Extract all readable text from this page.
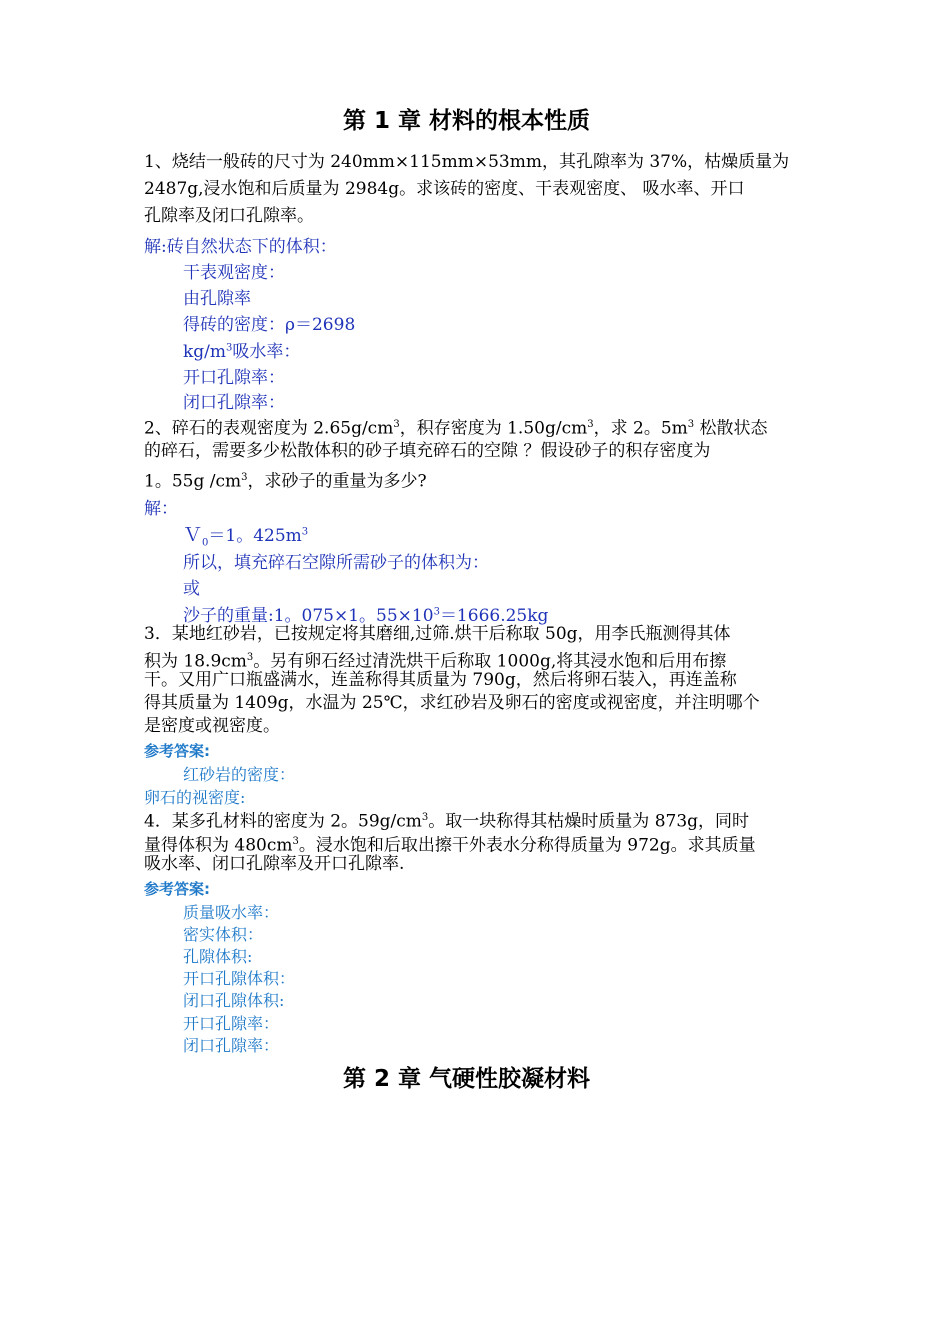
第 1 章 材料的根本性质
1、烧结一般砖的尺寸为 240mm×115mm×53mm，其孔隙率为 37%，枯燥质量为
2487g,浸水饱和后质量为 2984g。求该砖的密度、干表观密度、 吸水率、开口
孔隙率及闭口孔隙率。
解:砖自然状态下的体积：
干表观密度：
由孔隙率
得砖的密度：ρ＝2698
$kg/m^3$吸水率：
开口孔隙率：
闭口孔隙率：
2、碎石的表观密度为 $2.65g/cm^3$，积存密度为 $1.50g/cm^3$，求 2。$5m^3$ 松散状态
的碎石，需要多少松散体积的砂子填充碎石的空隙 ？假设砂子的积存密度为
1。55g $/cm^3$，求砂子的重量为多少?
解：
Ｖ$_0$＝1。$425m^3$
所以，填充碎石空隙所需砂子的体积为：
或
沙子的重量:1。075×1。$55\times 10^3=1666.25kg$
3．某地红砂岩，已按规定将其磨细,过筛.烘干后称取 50g，用李氏瓶测得其体
积为 $18.9cm^3$。另有卵石经过清洗烘干后称取 1000g,将其浸水饱和后用布擦
干。又用广口瓶盛满水，连盖称得其质量为 790g，然后将卵石装入，再连盖称
得其质量为 1409g，水温为 25℃，求红砂岩及卵石的密度或视密度，并注明哪个
是密度或视密度。
参考答案:
红砂岩的密度：
卵石的视密度:
4．某多孔材料的密度为 2。$59g/cm^3$。取一块称得其枯燥时质量为 873g，同时
量得体积为 $480cm^3$。浸水饱和后取出擦干外表水分称得质量为 972g。求其质量
吸水率、闭口孔隙率及开口孔隙率.
参考答案:
质量吸水率：
密实体积：
孔隙体积:
开口孔隙体积：
闭口孔隙体积:
开口孔隙率：
闭口孔隙率：
第 2 章 气硬性胶凝材料
